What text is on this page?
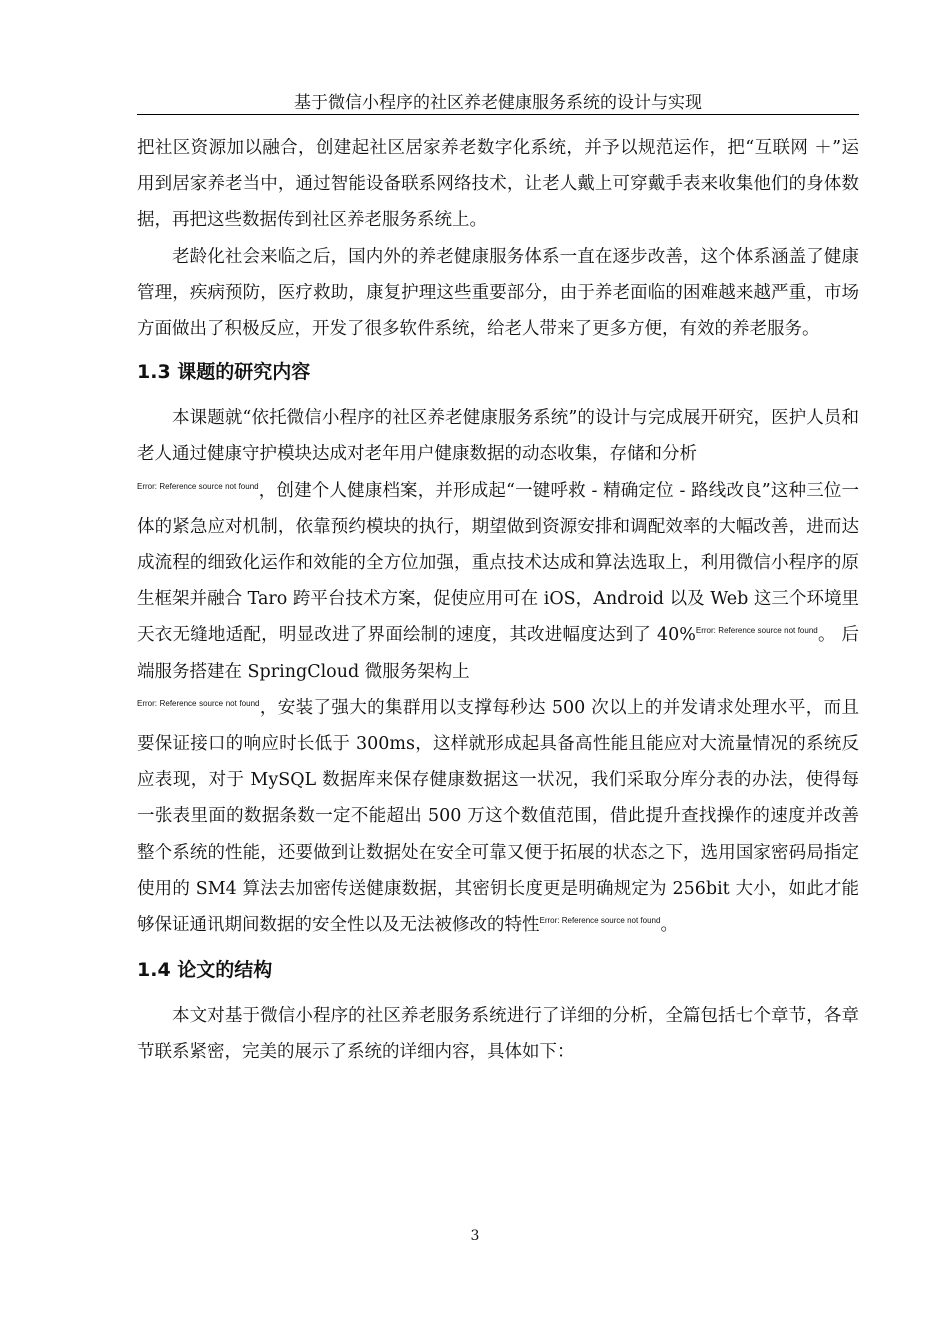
基于微信小程序的社区养老健康服务系统的设计与实现

把社区资源加以融合，创建起社区居家养老数字化系统，并予以规范运作，把“互联网 ＋”运用到居家养老当中，通过智能设备联系网络技术，让老人戴上可穿戴手表来收集他们的身体数据，再把这些数据传到社区养老服务系统上。

老龄化社会来临之后，国内外的养老健康服务体系一直在逐步改善，这个体系涵盖了健康管理，疾病预防，医疗救助，康复护理这些重要部分，由于养老面临的困难越来越严重，市场方面做出了积极反应，开发了很多软件系统，给老人带来了更多方便，有效的养老服务。

1.3 课题的研究内容

本课题就“依托微信小程序的社区养老健康服务系统”的设计与完成展开研究，医护人员和老人通过健康守护模块达成对老年用户健康数据的动态收集，存储和分析
$^{Error: Reference source not found}$，创建个人健康档案，并形成起“一键呼救 - 精确定位 - 路线改良”这种三位一体的紧急应对机制，依靠预约模块的执行，期望做到资源安排和调配效率的大幅改善，进而达成流程的细致化运作和效能的全方位加强，重点技术达成和算法选取上，利用微信小程序的原生框架并融合 Taro 跨平台技术方案，促使应用可在 iOS，Android 以及 Web 这三个环境里天衣无缝地适配，明显改进了界面绘制的速度，其改进幅度达到了 40%$^{Error: Reference source not found}$。 后端服务搭建在 SpringCloud 微服务架构上
$^{Error: Reference source not found}$，安装了强大的集群用以支撑每秒达 500 次以上的并发请求处理水平，而且要保证接口的响应时长低于 300ms，这样就形成起具备高性能且能应对大流量情况的系统反应表现，对于 MySQL 数据库来保存健康数据这一状况，我们采取分库分表的办法，使得每一张表里面的数据条数一定不能超出 500 万这个数值范围，借此提升查找操作的速度并改善整个系统的性能，还要做到让数据处在安全可靠又便于拓展的状态之下，选用国家密码局指定使用的 SM4 算法去加密传送健康数据，其密钥长度更是明确规定为 256bit 大小，如此才能够保证通讯期间数据的安全性以及无法被修改的特性$^{Error: Reference source not found}$。

1.4 论文的结构

本文对基于微信小程序的社区养老服务系统进行了详细的分析，全篇包括七个章节，各章节联系紧密，完美的展示了系统的详细内容，具体如下：

3
